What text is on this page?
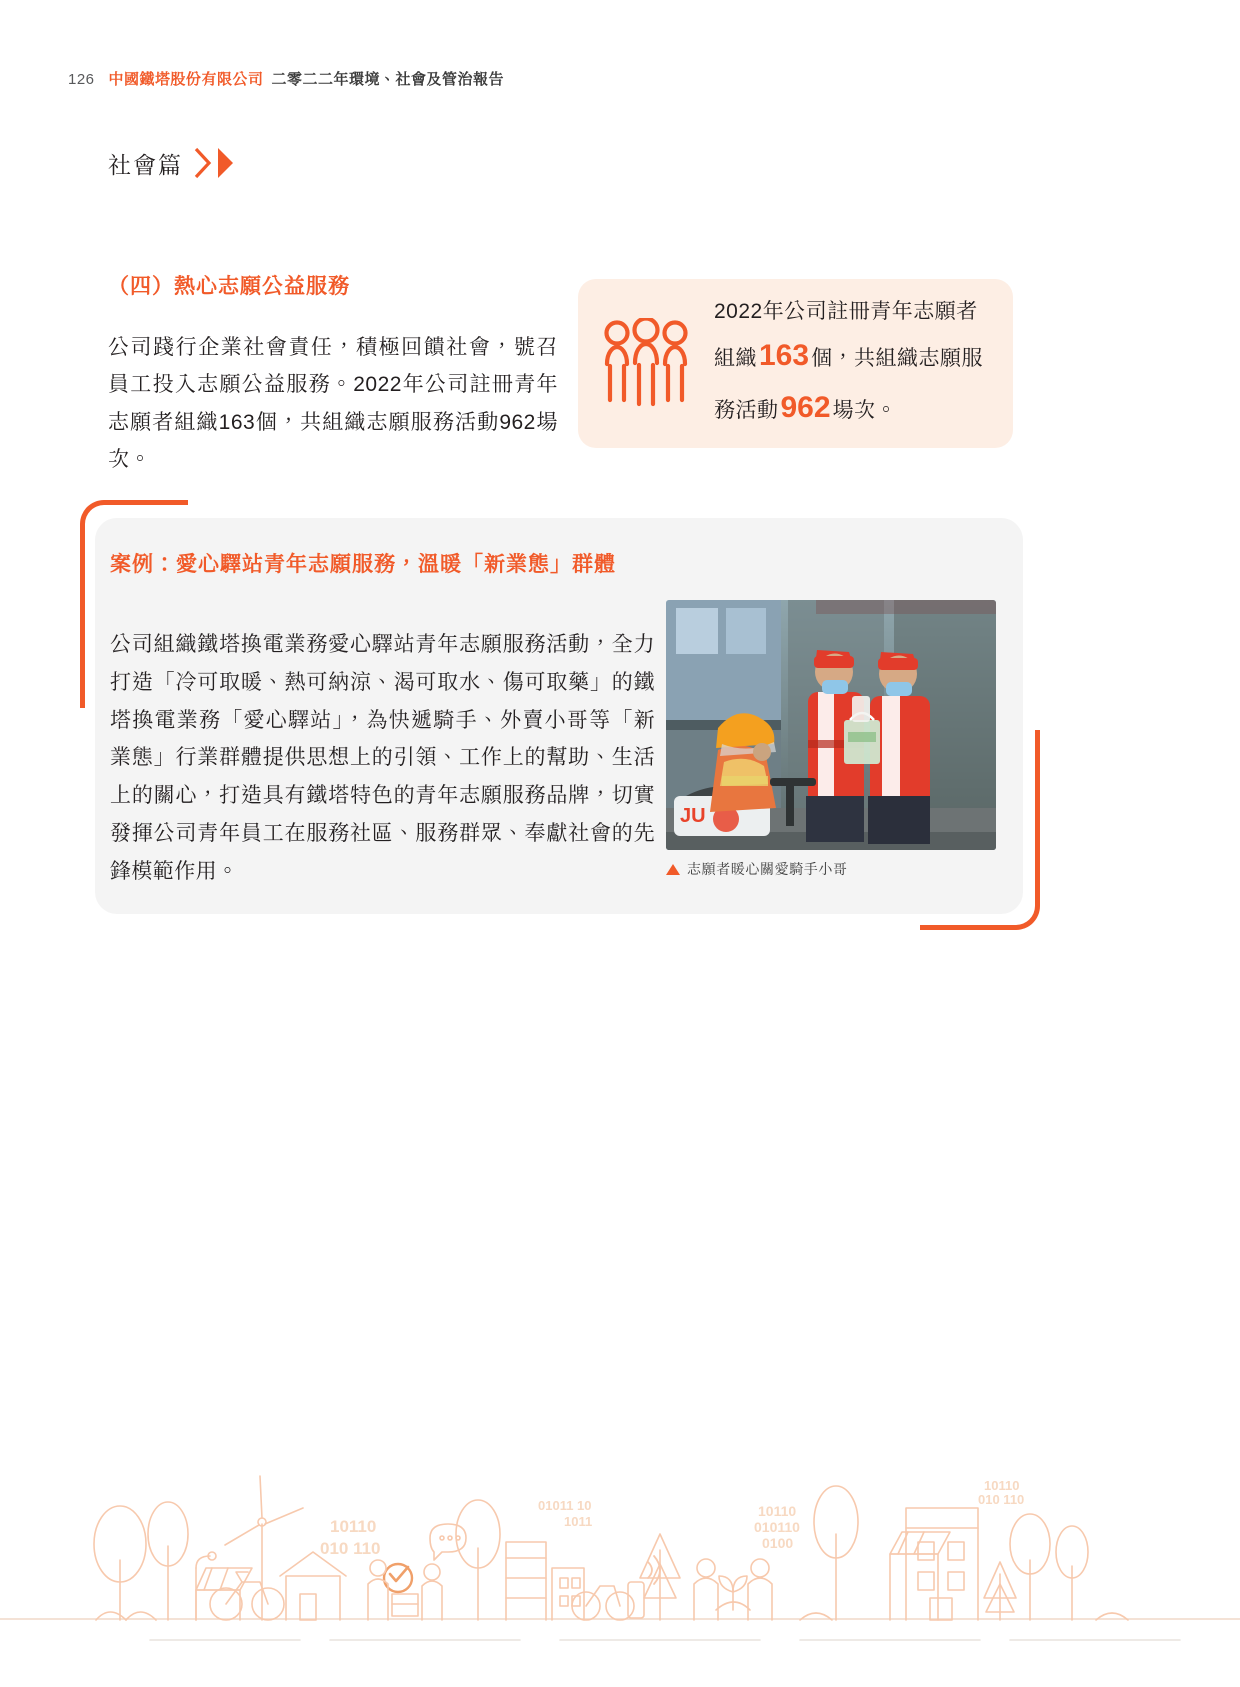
126 中國鐵塔股份有限公司 二零二二年環境、社會及管治報告
社會篇
（四）熱心志願公益服務

公司踐行企業社會責任，積極回饋社會，號召員工投入志願公益服務。2022年公司註冊青年志願者組織163個，共組織志願服務活動962場次。

2022年公司註冊青年志願者組織163個，共組織志願服務活動962場次。
案例：愛心驛站青年志願服務，溫暖「新業態」群體

公司組織鐵塔換電業務愛心驛站青年志願服務活動，全力打造「冷可取暖、熱可納涼、渴可取水、傷可取藥」的鐵塔換電業務「愛心驛站」，為快遞騎手、外賣小哥等「新業態」行業群體提供思想上的引領、工作上的幫助、生活上的關心，打造具有鐵塔特色的青年志願服務品牌，切實發揮公司青年員工在服務社區、服務群眾、奉獻社會的先鋒模範作用。

JU
志願者暖心關愛騎手小哥
10110
010 110
01011 10
1011
10110
010110
0100
10110
010 110
